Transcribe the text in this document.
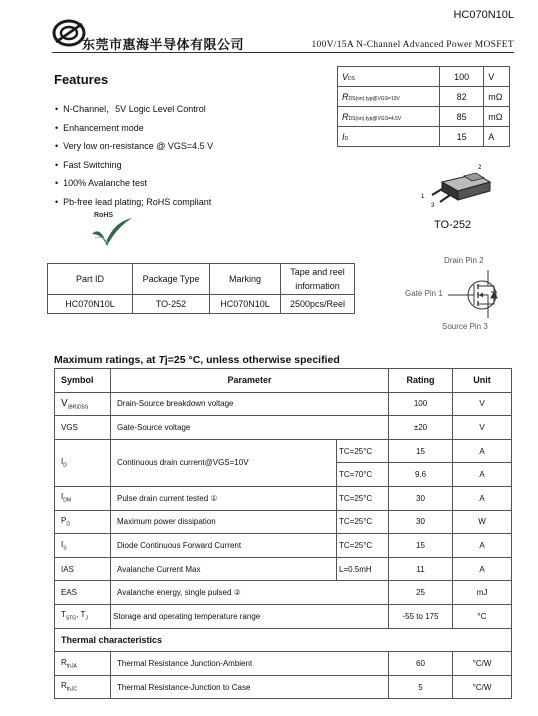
东莞市惠海半导体有限公司
HC070N10L
100V/15A N-Channel Advanced Power MOSFET
Features
• N-Channel，5V Logic Level Control
• Enhancement mode
• Very low on-resistance @ VGS=4.5 V
• Fast Switching
• 100% Avalanche test
• Pb-free lead plating; RoHS compliant
RoHS
VDS	100	V
RDS(on),typ@VGS=10V	82	mΩ
RDS(on),typ@VGS=4.5V	85	mΩ
ID	15	A
2
1
3
TO-252
Part ID	Package Type	Marking	Tape and reel information
HC070N10L	TO-252	HC070N10L	2500pcs/Reel
Drain Pin 2
Gate Pin 1
Source Pin 3
Maximum ratings, at Tj=25 °C, unless otherwise specified
Symbol	Parameter		Rating	Unit
$V_{(BR)DSS}$	Drain-Source breakdown voltage		100	V
VGS	Gate-Source voltage		±20	V
$I_D$	Continuous drain current@VGS=10V	TC=25°C	15	A
		TC=70°C	9.6	A
$I_{DM}$	Pulse drain current tested ①	TC=25°C	30	A
$P_D$	Maximum power dissipation	TC=25°C	30	W
$I_S$	Diode Continuous Forward Current	TC=25°C	15	A
IAS	Avalanche Current Max	L=0.5mH	11	A
EAS	Avalanche energy, single pulsed ②		25	mJ
$T_{STG}$, $T_J$	Storage and operating temperature range		-55 to 175	°C
Thermal characteristics				
$R_{thJA}$	Thermal Resistance Junction-Ambient		60	°C/W
$R_{thJC}$	Thermal Resistance-Junction to Case		5	°C/W
